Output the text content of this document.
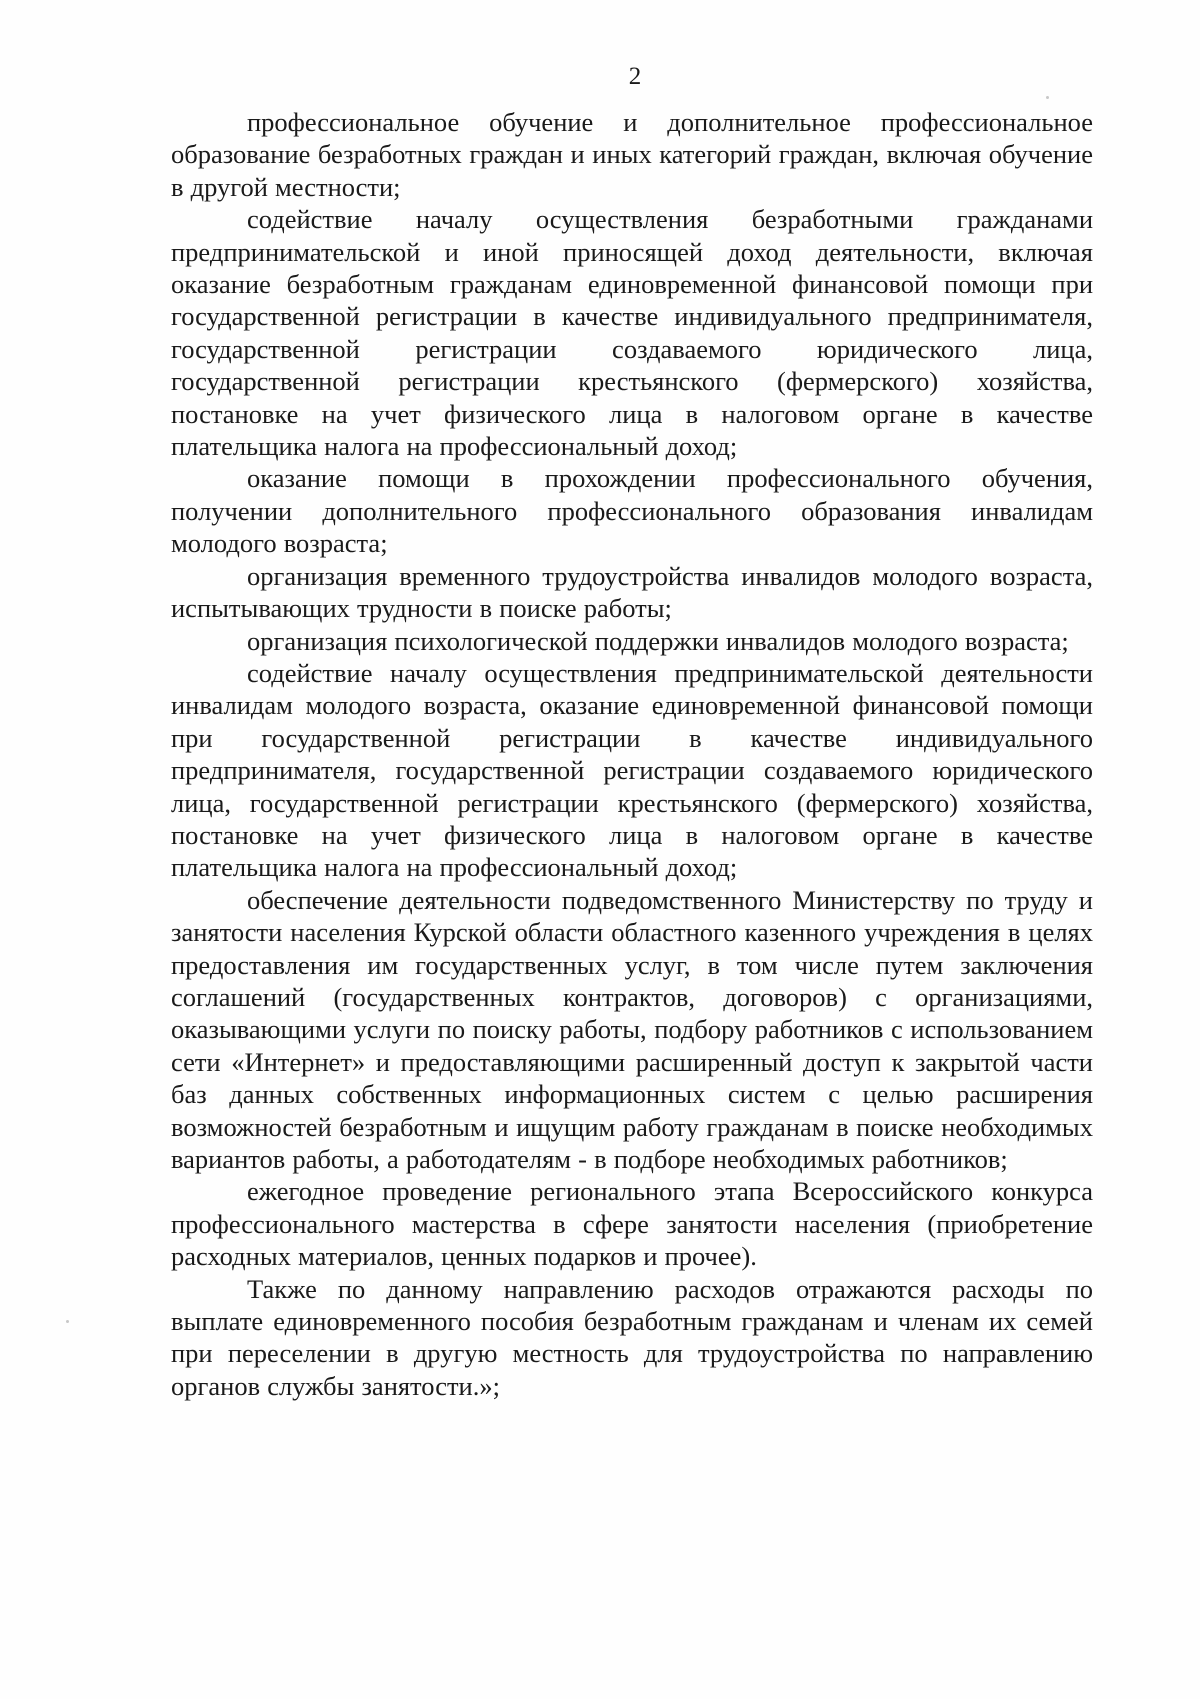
2

профессиональное обучение и дополнительное профессиональное образование безработных граждан и иных категорий граждан, включая обучение в другой местности;

содействие началу осуществления безработными гражданами предпринимательской и иной приносящей доход деятельности, включая оказание безработным гражданам единовременной финансовой помощи при государственной регистрации в качестве индивидуального предпринимателя, государственной регистрации создаваемого юридического лица, государственной регистрации крестьянского (фермерского) хозяйства, постановке на учет физического лица в налоговом органе в качестве плательщика налога на профессиональный доход;

оказание помощи в прохождении профессионального обучения, получении дополнительного профессионального образования инвалидам молодого возраста;

организация временного трудоустройства инвалидов молодого возраста, испытывающих трудности в поиске работы;

организация психологической поддержки инвалидов молодого возраста;

содействие началу осуществления предпринимательской деятельности инвалидам молодого возраста, оказание единовременной финансовой помощи при государственной регистрации в качестве индивидуального предпринимателя, государственной регистрации создаваемого юридического лица, государственной регистрации крестьянского (фермерского) хозяйства, постановке на учет физического лица в налоговом органе в качестве плательщика налога на профессиональный доход;

обеспечение деятельности подведомственного Министерству по труду и занятости населения Курской области областного казенного учреждения в целях предоставления им государственных услуг, в том числе путем заключения соглашений (государственных контрактов, договоров) с организациями, оказывающими услуги по поиску работы, подбору работников с использованием сети «Интернет» и предоставляющими расширенный доступ к закрытой части баз данных собственных информационных систем с целью расширения возможностей безработным и ищущим работу гражданам в поиске необходимых вариантов работы, а работодателям - в подборе необходимых работников;

ежегодное проведение регионального этапа Всероссийского конкурса профессионального мастерства в сфере занятости населения (приобретение расходных материалов, ценных подарков и прочее).

Также по данному направлению расходов отражаются расходы по выплате единовременного пособия безработным гражданам и членам их семей при переселении в другую местность для трудоустройства по направлению органов службы занятости.»;
